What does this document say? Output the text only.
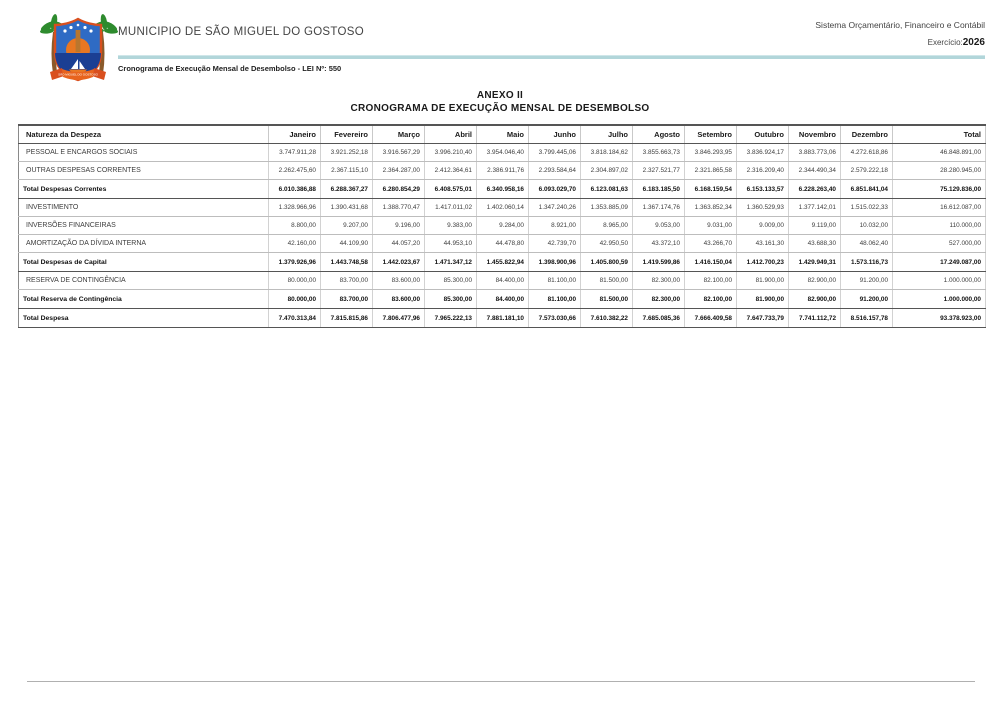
SÃO MIGUEL DO GOSTOSO
MUNICIPIO DE SÃO MIGUEL DO GOSTOSO
Sistema Orçamentário, Financeiro e Contábil
Exercício:2026
Cronograma de Execução Mensal de Desembolso - LEI Nº: 550
ANEXO II
CRONOGRAMA DE EXECUÇÃO MENSAL DE DESEMBOLSO
Natureza da Despeza	Janeiro	Fevereiro	Março	Abril	Maio	Junho	Julho	Agosto	Setembro	Outubro	Novembro	Dezembro	Total
PESSOAL E ENCARGOS SOCIAIS	3.747.911,28	3.921.252,18	3.916.567,29	3.996.210,40	3.954.046,40	3.799.445,06	3.818.184,62	3.855.663,73	3.846.293,95	3.836.924,17	3.883.773,06	4.272.618,86	46.848.891,00
OUTRAS DESPESAS CORRENTES	2.262.475,60	2.367.115,10	2.364.287,00	2.412.364,61	2.386.911,76	2.293.584,64	2.304.897,02	2.327.521,77	2.321.865,58	2.316.209,40	2.344.490,34	2.579.222,18	28.280.945,00
Total Despesas Correntes	6.010.386,88	6.288.367,27	6.280.854,29	6.408.575,01	6.340.958,16	6.093.029,70	6.123.081,63	6.183.185,50	6.168.159,54	6.153.133,57	6.228.263,40	6.851.841,04	75.129.836,00
INVESTIMENTO	1.328.966,96	1.390.431,68	1.388.770,47	1.417.011,02	1.402.060,14	1.347.240,26	1.353.885,09	1.367.174,76	1.363.852,34	1.360.529,93	1.377.142,01	1.515.022,33	16.612.087,00
INVERSÕES FINANCEIRAS	8.800,00	9.207,00	9.196,00	9.383,00	9.284,00	8.921,00	8.965,00	9.053,00	9.031,00	9.009,00	9.119,00	10.032,00	110.000,00
AMORTIZAÇÃO DA DÍVIDA INTERNA	42.160,00	44.109,90	44.057,20	44.953,10	44.478,80	42.739,70	42.950,50	43.372,10	43.266,70	43.161,30	43.688,30	48.062,40	527.000,00
Total Despesas de Capital	1.379.926,96	1.443.748,58	1.442.023,67	1.471.347,12	1.455.822,94	1.398.900,96	1.405.800,59	1.419.599,86	1.416.150,04	1.412.700,23	1.429.949,31	1.573.116,73	17.249.087,00
RESERVA DE CONTINGÊNCIA	80.000,00	83.700,00	83.600,00	85.300,00	84.400,00	81.100,00	81.500,00	82.300,00	82.100,00	81.900,00	82.900,00	91.200,00	1.000.000,00
Total Reserva de Contingência	80.000,00	83.700,00	83.600,00	85.300,00	84.400,00	81.100,00	81.500,00	82.300,00	82.100,00	81.900,00	82.900,00	91.200,00	1.000.000,00
Total Despesa	7.470.313,84	7.815.815,86	7.806.477,96	7.965.222,13	7.881.181,10	7.573.030,66	7.610.382,22	7.685.085,36	7.666.409,58	7.647.733,79	7.741.112,72	8.516.157,78	93.378.923,00
